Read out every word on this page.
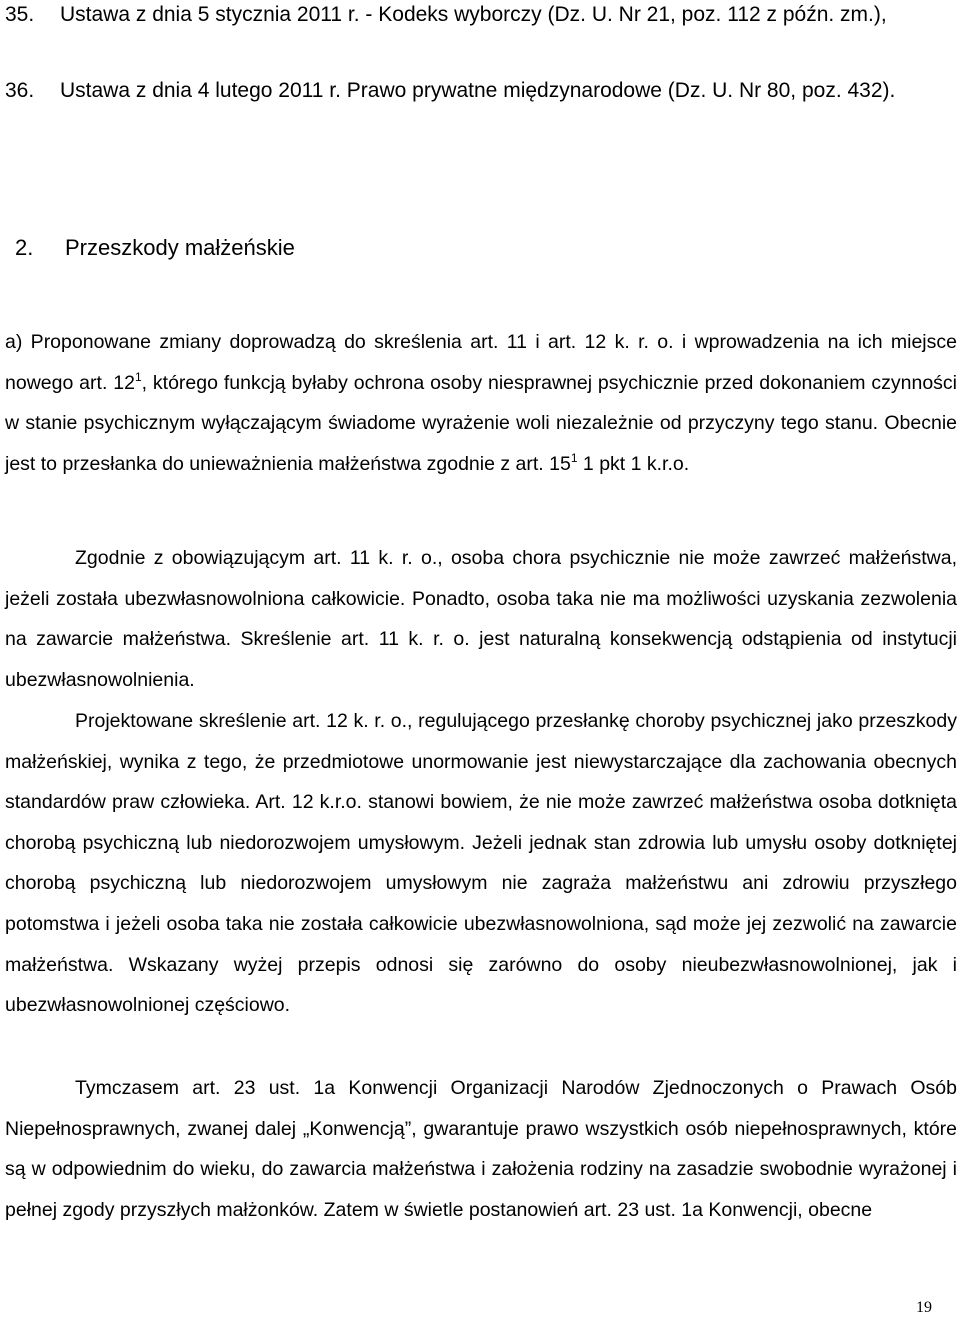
35. Ustawa z dnia 5 stycznia 2011 r. - Kodeks wyborczy (Dz. U. Nr 21, poz. 112 z późn. zm.),
36. Ustawa z dnia 4 lutego 2011 r. Prawo prywatne międzynarodowe (Dz. U. Nr 80, poz. 432).
2. Przeszkody małżeńskie

a) Proponowane zmiany doprowadzą do skreślenia art. 11 i art. 12 k. r. o. i wprowadzenia na ich miejsce nowego art. $12^1$, którego funkcją byłaby ochrona osoby niesprawnej psychicznie przed dokonaniem czynności w stanie psychicznym wyłączającym świadome wyrażenie woli niezależnie od przyczyny tego stanu. Obecnie jest to przesłanka do unieważnienia małżeństwa zgodnie z art. $15^1$ 1 pkt 1 k.r.o.

Zgodnie z obowiązującym art. 11 k. r. o., osoba chora psychicznie nie może zawrzeć małżeństwa, jeżeli została ubezwłasnowolniona całkowicie. Ponadto, osoba taka nie ma możliwości uzyskania zezwolenia na zawarcie małżeństwa. Skreślenie art. 11 k. r. o. jest naturalną konsekwencją odstąpienia od instytucji ubezwłasnowolnienia.

Projektowane skreślenie art. 12 k. r. o., regulującego przesłankę choroby psychicznej jako przeszkody małżeńskiej, wynika z tego, że przedmiotowe unormowanie jest niewystarczające dla zachowania obecnych standardów praw człowieka. Art. 12 k.r.o. stanowi bowiem, że nie może zawrzeć małżeństwa osoba dotknięta chorobą psychiczną lub niedorozwojem umysłowym. Jeżeli jednak stan zdrowia lub umysłu osoby dotkniętej chorobą psychiczną lub niedorozwojem umysłowym nie zagraża małżeństwu ani zdrowiu przyszłego potomstwa i jeżeli osoba taka nie została całkowicie ubezwłasnowolniona, sąd może jej zezwolić na zawarcie małżeństwa. Wskazany wyżej przepis odnosi się zarówno do osoby nieubezwłasnowolnionej, jak i ubezwłasnowolnionej częściowo.

Tymczasem art. 23 ust. 1a Konwencji Organizacji Narodów Zjednoczonych o Prawach Osób Niepełnosprawnych, zwanej dalej „Konwencją”, gwarantuje prawo wszystkich osób niepełnosprawnych, które są w odpowiednim do wieku, do zawarcia małżeństwa i założenia rodziny na zasadzie swobodnie wyrażonej i pełnej zgody przyszłych małżonków. Zatem w świetle postanowień art. 23 ust. 1a Konwencji, obecne

19
